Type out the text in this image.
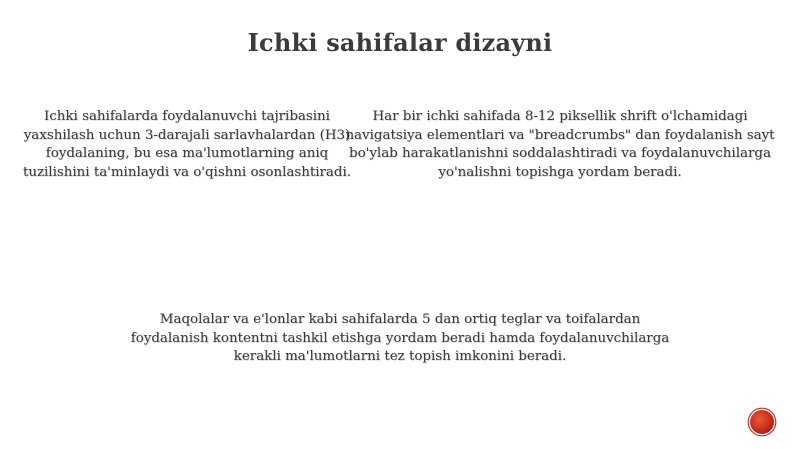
Ichki sahifalar dizayni

Ichki sahifalarda foydalanuvchi tajribasini yaxshilash uchun 3-darajali sarlavhalardan (H3) foydalaning, bu esa ma'lumotlarning aniq tuzilishini ta'minlaydi va o'qishni osonlashtiradi.

Har bir ichki sahifada 8-12 piksellik shrift o'lchamidagi navigatsiya elementlari va "breadcrumbs" dan foydalanish sayt bo'ylab harakatlanishni soddalashtiradi va foydalanuvchilarga yo'nalishni topishga yordam beradi.

Maqolalar va e'lonlar kabi sahifalarda 5 dan ortiq teglar va toifalardan foydalanish kontentni tashkil etishga yordam beradi hamda foydalanuvchilarga kerakli ma'lumotlarni tez topish imkonini beradi.
